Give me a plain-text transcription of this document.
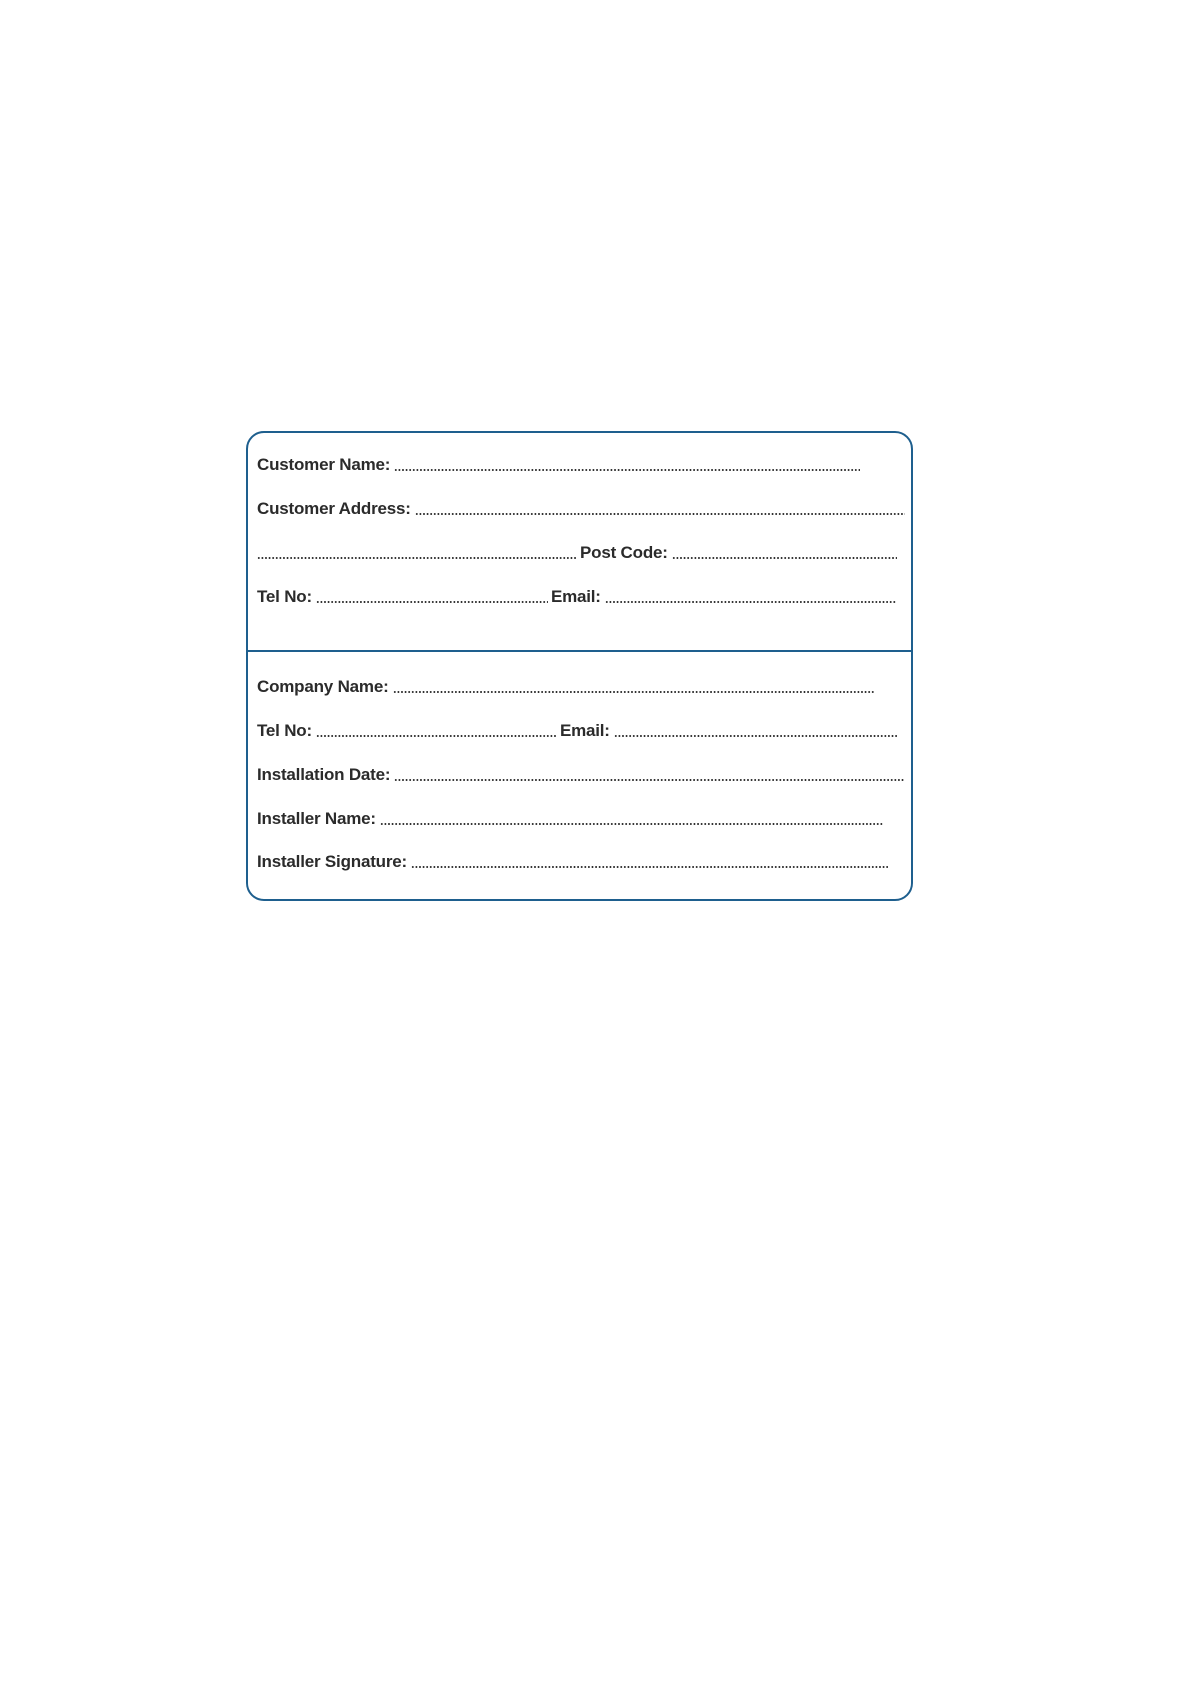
Customer Name:
Customer Address:
Post Code:
Tel No:	Email:
Company Name:
Tel No:	Email:
Installation Date:
Installer Name:
Installer Signature:
